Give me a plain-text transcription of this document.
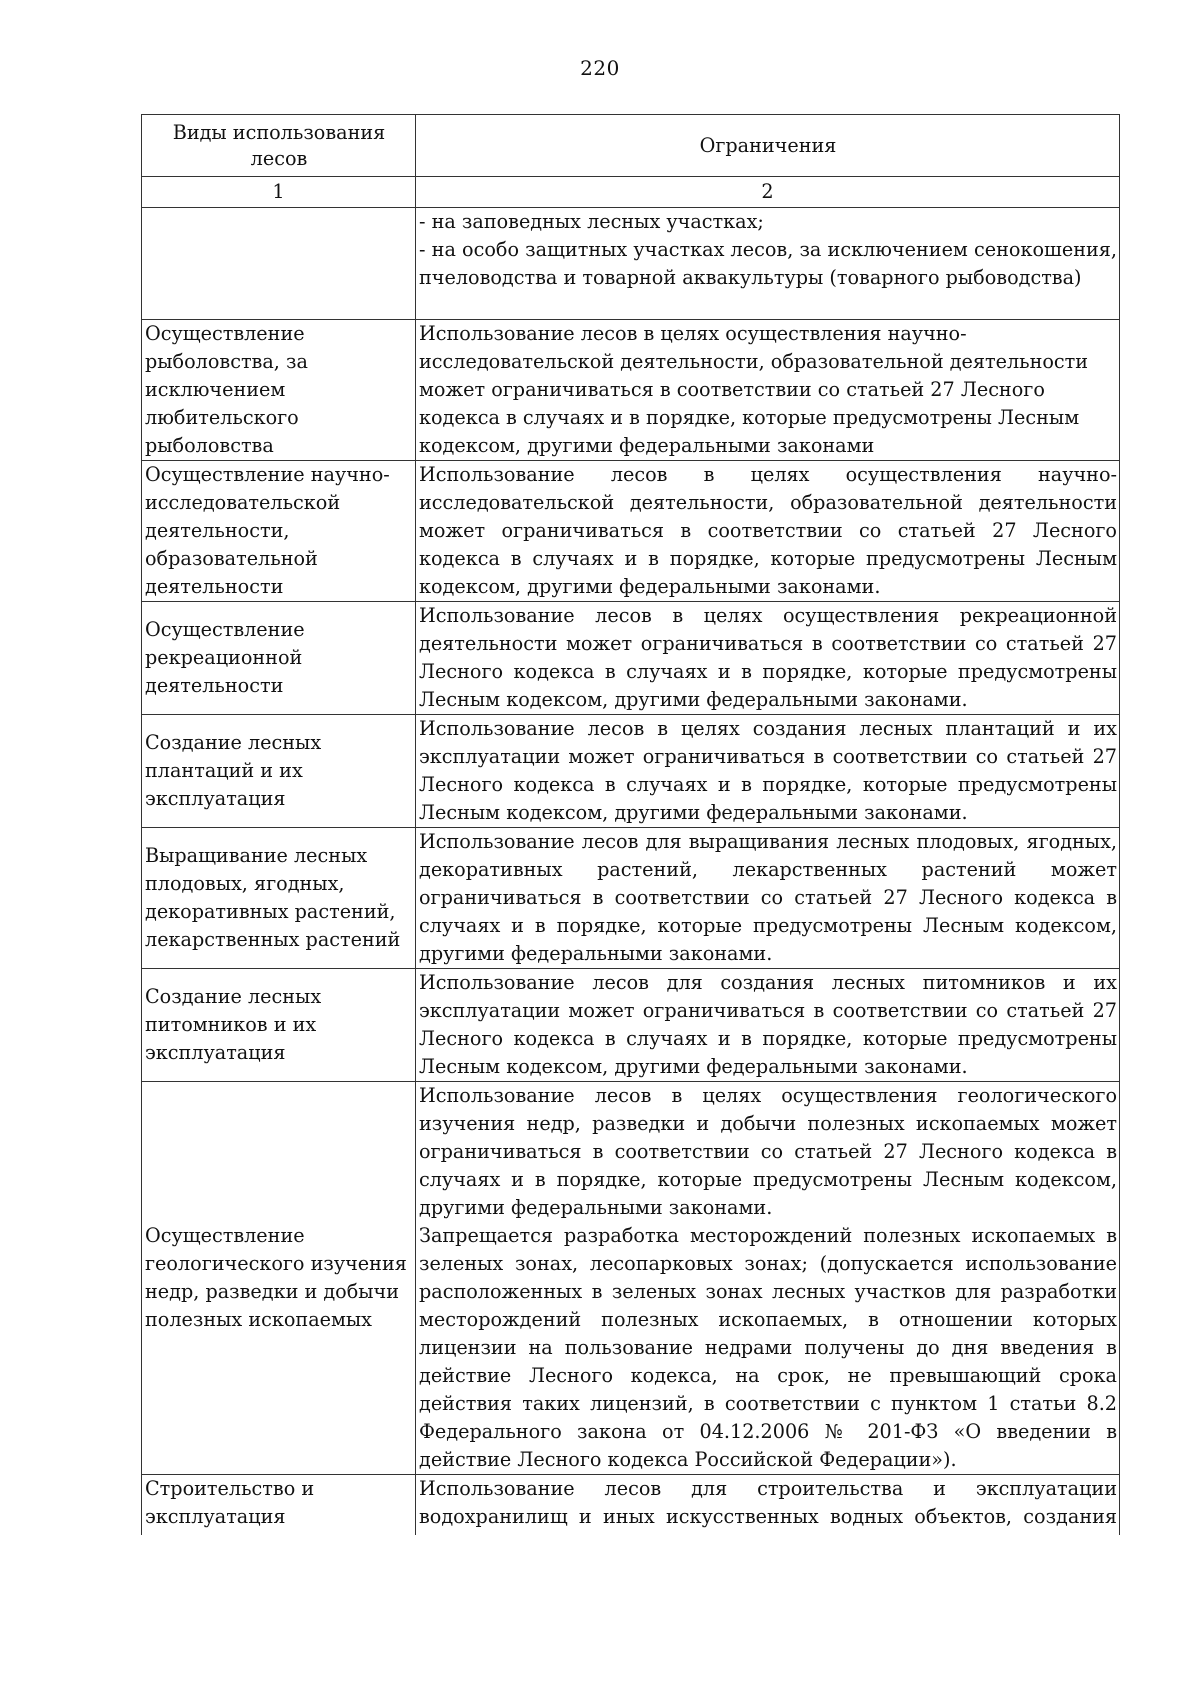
220
Виды использования лесов	Ограничения
1	2

	- на заповедных лесных участках;
- на особо защитных участках лесов, за исключением сенокошения, пчеловодства и товарной аквакультуры (товарного рыбоводства)

Осуществление рыболовства, за исключением любительского рыболовства	Использование лесов в целях осуществления научно-исследовательской деятельности, образовательной деятельности может ограничиваться в соответствии со статьей 27 Лесного кодекса в случаях и в порядке, которые предусмотрены Лесным кодексом, другими федеральными законами

Осуществление научно-исследовательской деятельности, образовательной деятельности	Использование лесов в целях осуществления научно-исследовательской деятельности, образовательной деятельности может ограничиваться в соответствии со статьей 27 Лесного кодекса в случаях и в порядке, которые предусмотрены Лесным кодексом, другими федеральными законами.

Осуществление рекреационной деятельности	Использование лесов в целях осуществления рекреационной деятельности может ограничиваться в соответствии со статьей 27 Лесного кодекса в случаях и в порядке, которые предусмотрены Лесным кодексом, другими федеральными законами.

Создание лесных плантаций и их эксплуатация	Использование лесов в целях создания лесных плантаций и их эксплуатации может ограничиваться в соответствии со статьей 27 Лесного кодекса в случаях и в порядке, которые предусмотрены Лесным кодексом, другими федеральными законами.

Выращивание лесных плодовых, ягодных, декоративных растений, лекарственных растений	Использование лесов для выращивания лесных плодовых, ягодных, декоративных растений, лекарственных растений может ограничиваться в соответствии со статьей 27 Лесного кодекса в случаях и в порядке, которые предусмотрены Лесным кодексом, другими федеральными законами.

Создание лесных питомников и их эксплуатация	Использование лесов для создания лесных питомников и их эксплуатации может ограничиваться в соответствии со статьей 27 Лесного кодекса в случаях и в порядке, которые предусмотрены Лесным кодексом, другими федеральными законами.

Осуществление геологического изучения недр, разведки и добычи полезных ископаемых	Использование лесов в целях осуществления геологического изучения недр, разведки и добычи полезных ископаемых может ограничиваться в соответствии со статьей 27 Лесного кодекса в случаях и в порядке, которые предусмотрены Лесным кодексом, другими федеральными законами.
Запрещается разработка месторождений полезных ископаемых в зеленых зонах, лесопарковых зонах; (допускается использование расположенных в зеленых зонах лесных участков для разработки месторождений полезных ископаемых, в отношении которых лицензии на пользование недрами получены до дня введения в действие Лесного кодекса, на срок, не превышающий срока действия таких лицензий, в соответствии с пунктом 1 статьи 8.2 Федерального закона от 04.12.2006 № 201-ФЗ «О введении в действие Лесного кодекса Российской Федерации»).

Строительство и эксплуатация	Использование лесов для строительства и эксплуатации водохранилищ и иных искусственных водных объектов, создания
